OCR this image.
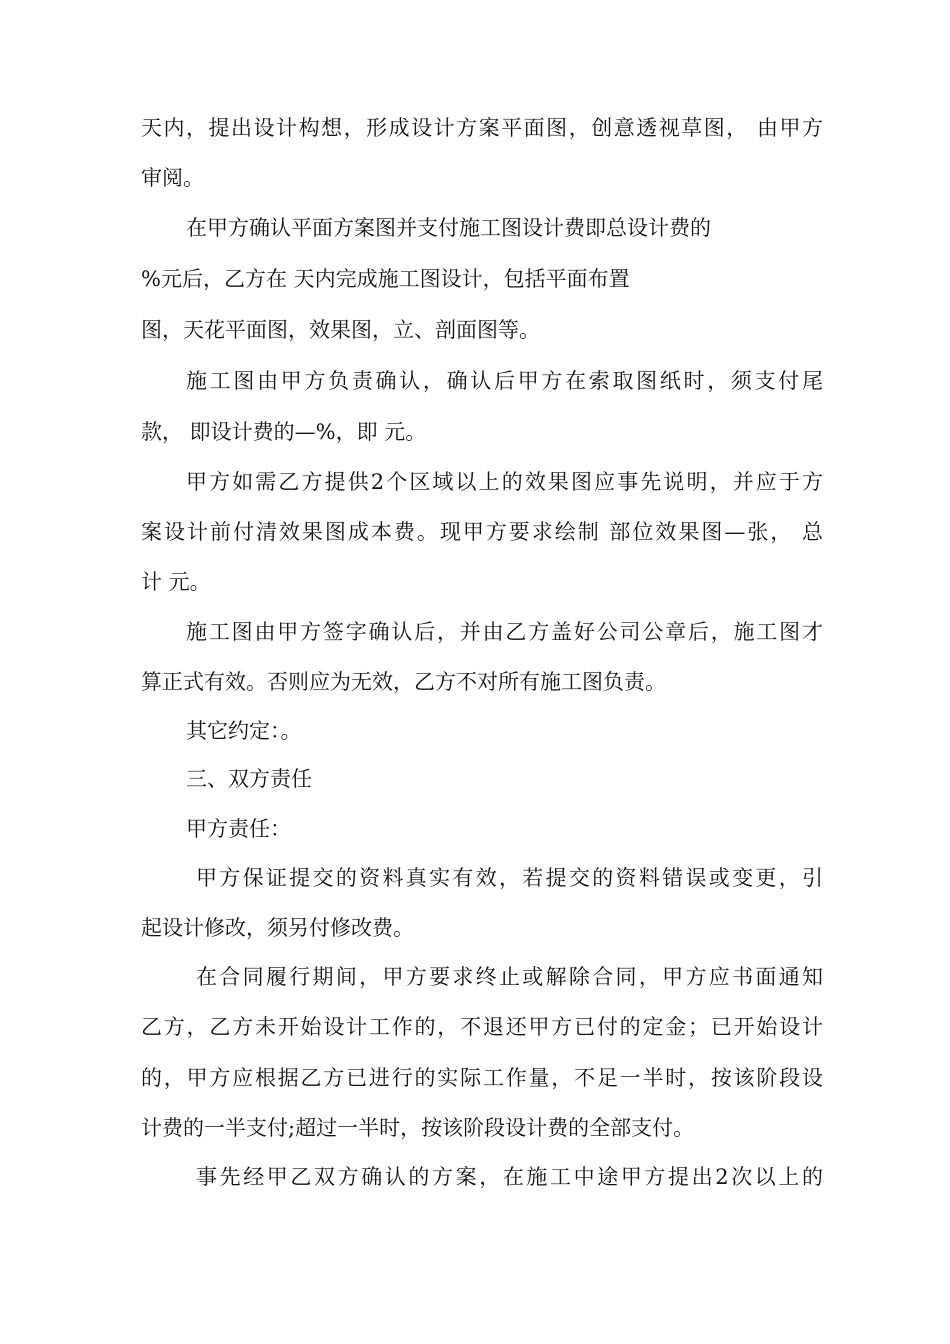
天内，提出设计构想，形成设计方案平面图，创意透视草图， 由甲方
审阅。
在甲方确认平面方案图并支付施工图设计费即总设计费的
%元后，乙方在 天内完成施工图设计，包括平面布置
图，天花平面图，效果图，立、剖面图等。
施工图由甲方负责确认，确认后甲方在索取图纸时，须支付尾
款， 即设计费的—%，即 元。
甲方如需乙方提供2个区域以上的效果图应事先说明，并应于方
案设计前付清效果图成本费。现甲方要求绘制 部位效果图—张， 总
计 元。
施工图由甲方签字确认后，并由乙方盖好公司公章后，施工图才
算正式有效。否则应为无效，乙方不对所有施工图负责。
其它约定：。
三、双方责任
甲方责任：
甲方保证提交的资料真实有效，若提交的资料错误或变更，引
起设计修改，须另付修改费。
在合同履行期间，甲方要求终止或解除合同，甲方应书面通知
乙方，乙方未开始设计工作的，不退还甲方已付的定金；已开始设计
的，甲方应根据乙方已进行的实际工作量，不足一半时，按该阶段设
计费的一半支付;超过一半时，按该阶段设计费的全部支付。
事先经甲乙双方确认的方案，在施工中途甲方提出2次以上的
